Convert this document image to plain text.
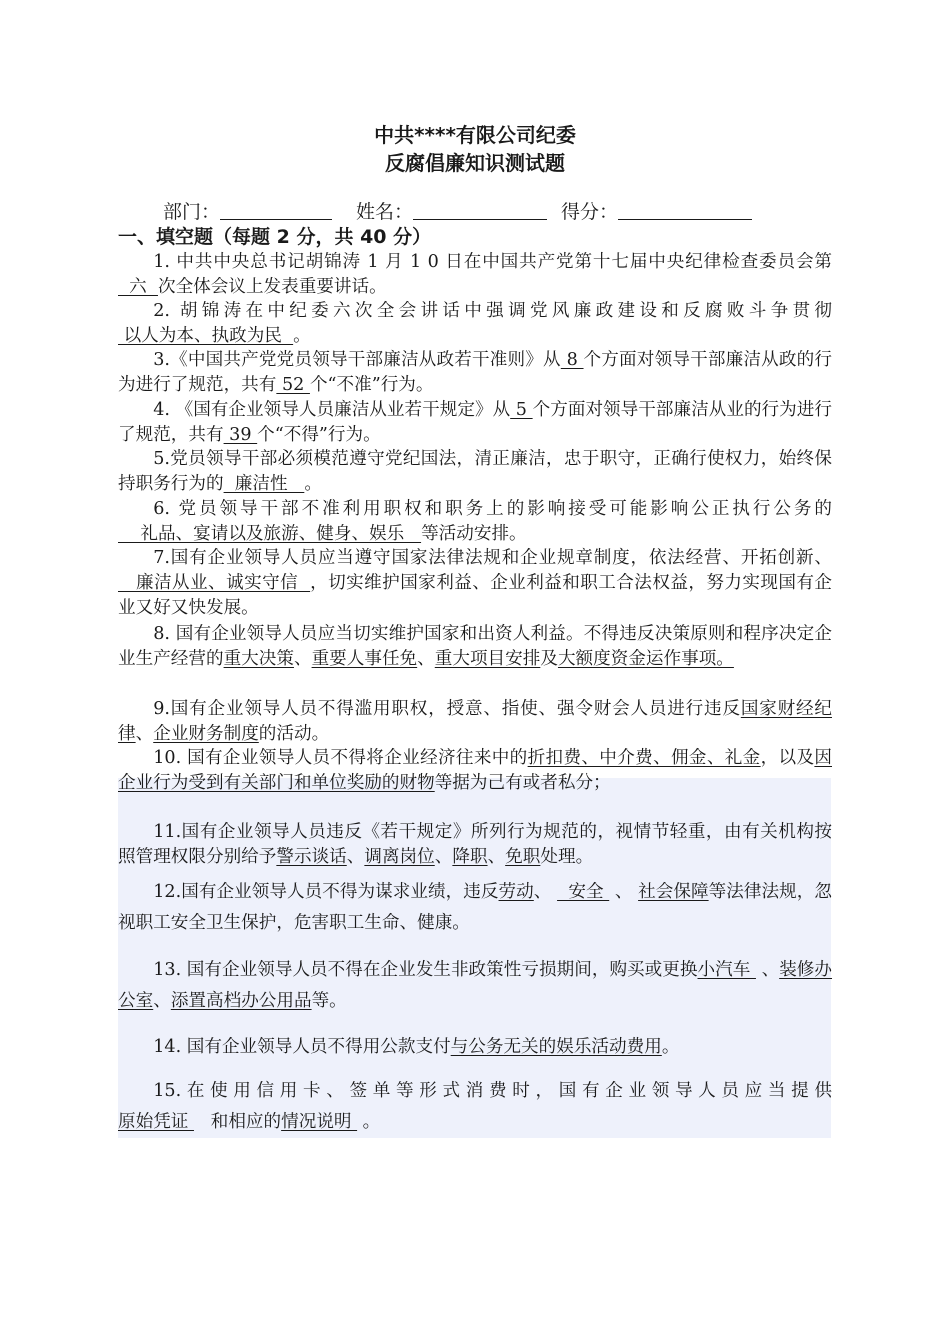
中共****有限公司纪委
反腐倡廉知识测试题
部门：	姓名：	得分：
一、填空题（每题 2 分，共 40 分）
1. 中共中央总书记胡锦涛 1 月 1 0 日在中国共产党第十七届中央纪律检查委员会第  六  次全体会议上发表重要讲话。
2. 胡锦涛在中纪委六次全会讲话中强调党风廉政建设和反腐败斗争贯彻 以人为本、执政为民  。
3.《中国共产党党员领导干部廉洁从政若干准则》从 8 个方面对领导干部廉洁从政的行为进行了规范，共有 52 个“不准”行为。
4. 《国有企业领导人员廉洁从业若干规定》从 5 个方面对领导干部廉洁从业的行为进行了规范，共有 39 个“不得”行为。
5.党员领导干部必须模范遵守党纪国法，清正廉洁，忠于职守，正确行使权力，始终保持职务行为的  廉洁性   。
6. 党员领导干部不准利用职权和职务上的影响接受可能影响公正执行公务的    礼品、宴请以及旅游、健身、娱乐   等活动安排。
7.国有企业领导人员应当遵守国家法律法规和企业规章制度，依法经营、开拓创新、   廉洁从业、诚实守信  ，切实维护国家利益、企业利益和职工合法权益，努力实现国有企业又好又快发展。
8. 国有企业领导人员应当切实维护国家和出资人利益。不得违反决策原则和程序决定企业生产经营的重大决策、重要人事任免、重大项目安排及大额度资金运作事项。
9.国有企业领导人员不得滥用职权，授意、指使、强令财会人员进行违反国家财经纪律、企业财务制度的活动。
10. 国有企业领导人员不得将企业经济往来中的折扣费、中介费、佣金、礼金，以及因企业行为受到有关部门和单位奖励的财物等据为己有或者私分；
11.国有企业领导人员违反《若干规定》所列行为规范的，视情节轻重，由有关机构按照管理权限分别给予警示谈话、调离岗位、降职、免职处理。
12.国有企业领导人员不得为谋求业绩，违反劳动、   安全  、 社会保障等法律法规，忽视职工安全卫生保护，危害职工生命、健康。
13. 国有企业领导人员不得在企业发生非政策性亏损期间，购买或更换小汽车  、装修办公室、添置高档办公用品等。
14. 国有企业领导人员不得用公款支付与公务无关的娱乐活动费用。
15.在使用信用卡、签单等形式消费时，国有企业领导人员应当提供原始凭证    和相应的情况说明  。
